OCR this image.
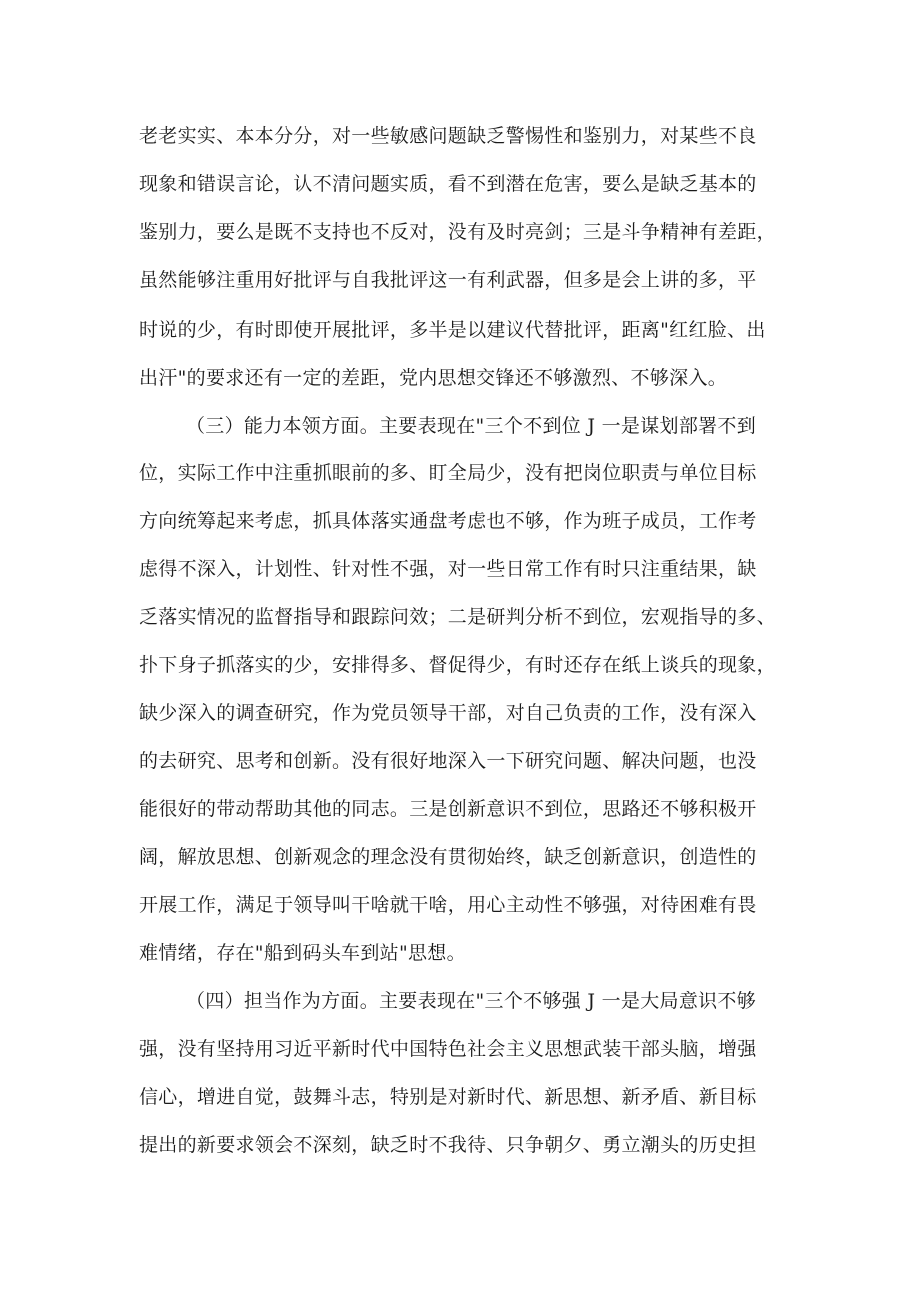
老老实实、本本分分，对一些敏感问题缺乏警惕性和鉴别力，对某些不良
现象和错误言论，认不清问题实质，看不到潜在危害，要么是缺乏基本的
鉴别力，要么是既不支持也不反对，没有及时亮剑；三是斗争精神有差距，
虽然能够注重用好批评与自我批评这一有利武器，但多是会上讲的多，平
时说的少，有时即使开展批评，多半是以建议代替批评，距离"红红脸、出
出汗"的要求还有一定的差距，党内思想交锋还不够激烈、不够深入。
（三）能力本领方面。主要表现在"三个不到位 J 一是谋划部署不到
位，实际工作中注重抓眼前的多、盯全局少，没有把岗位职责与单位目标
方向统筹起来考虑，抓具体落实通盘考虑也不够，作为班子成员，工作考
虑得不深入，计划性、针对性不强，对一些日常工作有时只注重结果，缺
乏落实情况的监督指导和跟踪问效；二是研判分析不到位，宏观指导的多、
扑下身子抓落实的少，安排得多、督促得少，有时还存在纸上谈兵的现象，
缺少深入的调查研究，作为党员领导干部，对自己负责的工作，没有深入
的去研究、思考和创新。没有很好地深入一下研究问题、解决问题，也没
能很好的带动帮助其他的同志。三是创新意识不到位，思路还不够积极开
阔，解放思想、创新观念的理念没有贯彻始终，缺乏创新意识，创造性的
开展工作，满足于领导叫干啥就干啥，用心主动性不够强，对待困难有畏
难情绪，存在"船到码头车到站"思想。
（四）担当作为方面。主要表现在"三个不够强 J 一是大局意识不够
强，没有坚持用习近平新时代中国特色社会主义思想武装干部头脑，增强
信心，增进自觉，鼓舞斗志，特别是对新时代、新思想、新矛盾、新目标
提出的新要求领会不深刻，缺乏时不我待、只争朝夕、勇立潮头的历史担
